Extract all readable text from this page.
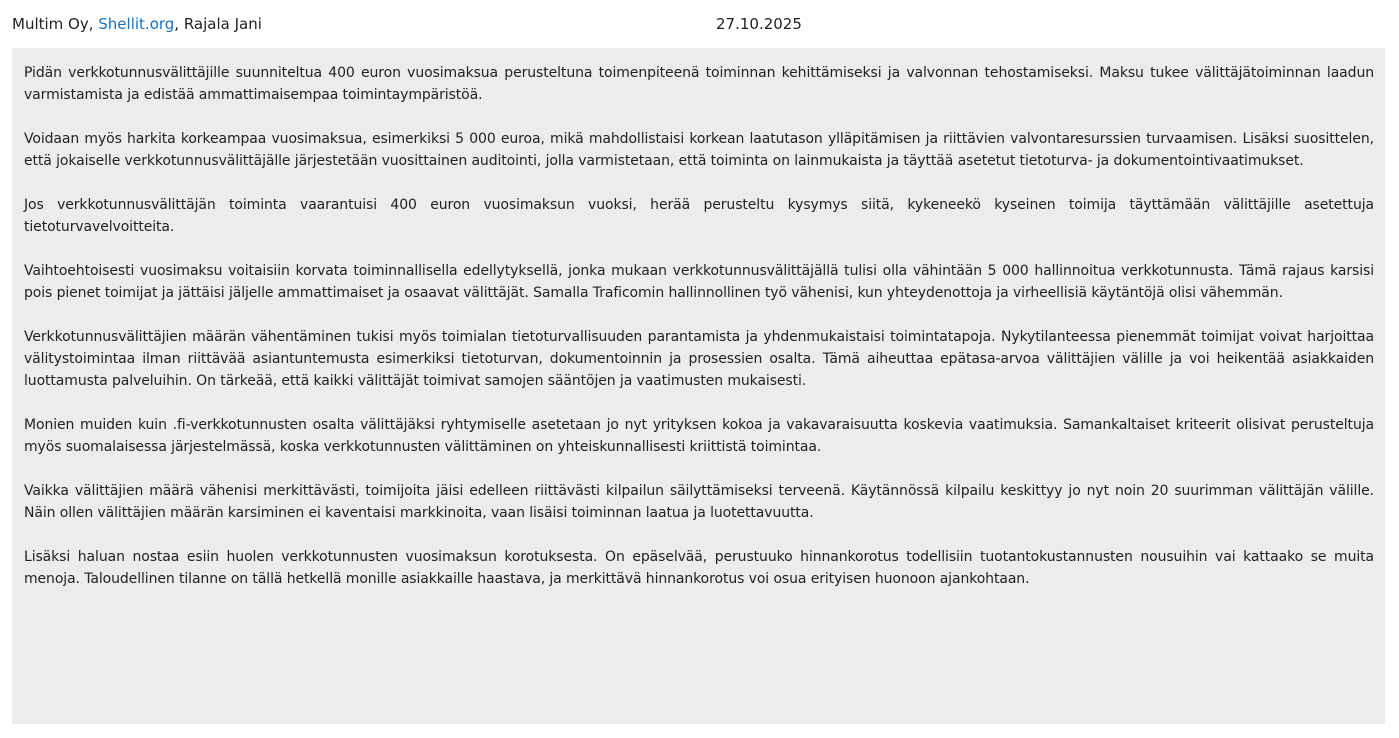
Multim Oy, Shellit.org, Rajala Jani	27.10.2025

Pidän verkkotunnusvälittäjille suunniteltua 400 euron vuosimaksua perusteltuna toimenpiteenä toiminnan kehittämiseksi ja valvonnan tehostamiseksi. Maksu tukee välittäjätoiminnan laadun varmistamista ja edistää ammattimaisempaa toimintaympäristöä.

Voidaan myös harkita korkeampaa vuosimaksua, esimerkiksi 5 000 euroa, mikä mahdollistaisi korkean laatutason ylläpitämisen ja riittävien valvontaresurssien turvaamisen. Lisäksi suosittelen, että jokaiselle verkkotunnusvälittäjälle järjestetään vuosittainen auditointi, jolla varmistetaan, että toiminta on lainmukaista ja täyttää asetetut tietoturva- ja dokumentointivaatimukset.

Jos verkkotunnusvälittäjän toiminta vaarantuisi 400 euron vuosimaksun vuoksi, herää perusteltu kysymys siitä, kykeneekö kyseinen toimija täyttämään välittäjille asetettuja tietoturvavelvoitteita.

Vaihtoehtoisesti vuosimaksu voitaisiin korvata toiminnallisella edellytyksellä, jonka mukaan verkkotunnusvälittäjällä tulisi olla vähintään 5 000 hallinnoitua verkkotunnusta. Tämä rajaus karsisi pois pienet toimijat ja jättäisi jäljelle ammattimaiset ja osaavat välittäjät. Samalla Traficomin hallinnollinen työ vähenisi, kun yhteydenottoja ja virheellisiä käytäntöjä olisi vähemmän.

Verkkotunnusvälittäjien määrän vähentäminen tukisi myös toimialan tietoturvallisuuden parantamista ja yhdenmukaistaisi toimintatapoja. Nykytilanteessa pienemmät toimijat voivat harjoittaa välitystoimintaa ilman riittävää asiantuntemusta esimerkiksi tietoturvan, dokumentoinnin ja prosessien osalta. Tämä aiheuttaa epätasa-arvoa välittäjien välille ja voi heikentää asiakkaiden luottamusta palveluihin. On tärkeää, että kaikki välittäjät toimivat samojen sääntöjen ja vaatimusten mukaisesti.

Monien muiden kuin .fi-verkkotunnusten osalta välittäjäksi ryhtymiselle asetetaan jo nyt yrityksen kokoa ja vakavaraisuutta koskevia vaatimuksia. Samankaltaiset kriteerit olisivat perusteltuja myös suomalaisessa järjestelmässä, koska verkkotunnusten välittäminen on yhteiskunnallisesti kriittistä toimintaa.

Vaikka välittäjien määrä vähenisi merkittävästi, toimijoita jäisi edelleen riittävästi kilpailun säilyttämiseksi terveenä. Käytännössä kilpailu keskittyy jo nyt noin 20 suurimman välittäjän välille. Näin ollen välittäjien määrän karsiminen ei kaventaisi markkinoita, vaan lisäisi toiminnan laatua ja luotettavuutta.

Lisäksi haluan nostaa esiin huolen verkkotunnusten vuosimaksun korotuksesta. On epäselvää, perustuuko hinnankorotus todellisiin tuotantokustannusten nousuihin vai kattaako se muita menoja. Taloudellinen tilanne on tällä hetkellä monille asiakkaille haastava, ja merkittävä hinnankorotus voi osua erityisen huonoon ajankohtaan.
